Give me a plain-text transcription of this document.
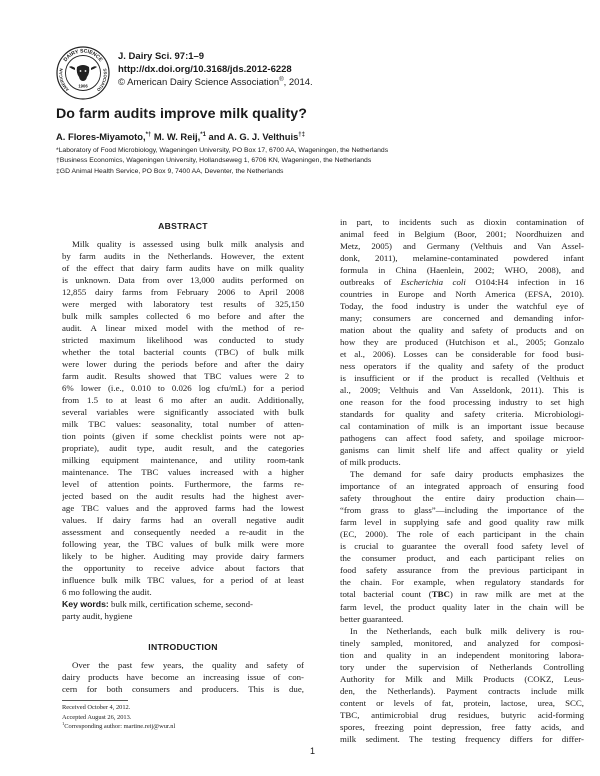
DAIRY SCIENCE
AMERICAN	SSOCIATIO
1906
J. Dairy Sci. 97:1–9
http://dx.doi.org/10.3168/jds.2012-6228
© American Dairy Science Association®, 2014.
Do farm audits improve milk quality?
A. Flores-Miyamoto,*† M. W. Reij,$^{*1}$ and A. G. J. Velthuis†‡
*Laboratory of Food Microbiology, Wageningen University, PO Box 17, 6700 AA, Wageningen, the Netherlands
†Business Economics, Wageningen University, Hollandseweg 1, 6706 KN, Wageningen, the Netherlands
‡GD Animal Health Service, PO Box 9, 7400 AA, Deventer, the Netherlands
ABSTRACT
Milk quality is assessed using bulk milk analysis and
by farm audits in the Netherlands. However, the extent
of the effect that dairy farm audits have on milk quality
is unknown. Data from over 13,000 audits performed on
12,855 dairy farms from February 2006 to April 2008
were merged with laboratory test results of 325,150
bulk milk samples collected 6 mo before and after the
audit. A linear mixed model with the method of re-
stricted maximum likelihood was conducted to study
whether the total bacterial counts (TBC) of bulk milk
were lower during the periods before and after the dairy
farm audit. Results showed that TBC values were 2 to
6% lower (i.e., 0.010 to 0.026 log cfu/mL) for a period
from 1.5 to at least 6 mo after an audit. Additionally,
several variables were significantly associated with bulk
milk TBC values: seasonality, total number of atten-
tion points (given if some checklist points were not ap-
propriate), audit type, audit result, and the categories
milking equipment maintenance, and utility room-tank
maintenance. The TBC values increased with a higher
level of attention points. Furthermore, the farms re-
jected based on the audit results had the highest aver-
age TBC values and the approved farms had the lowest
values. If dairy farms had an overall negative audit
assessment and consequently needed a re-audit in the
following year, the TBC values of bulk milk were more
likely to be higher. Auditing may provide dairy farmers
the opportunity to receive advice about factors that
influence bulk milk TBC values, for a period of at least
6 mo following the audit.
Key words: bulk milk, certification scheme, second-
party audit, hygiene
INTRODUCTION
Over the past few years, the quality and safety of
dairy products have become an increasing issue of con-
cern for both consumers and producers. This is due,
in part, to incidents such as dioxin contamination of
animal feed in Belgium (Boor, 2001; Noordhuizen and
Metz, 2005) and Germany (Velthuis and Van Assel-
donk, 2011), melamine-contaminated powdered infant
formula in China (Haenlein, 2002; WHO, 2008), and
outbreaks of Escherichia coli O104:H4 infection in 16
countries in Europe and North America (EFSA, 2010).
Today, the food industry is under the watchful eye of
many; consumers are concerned and demanding infor-
mation about the quality and safety of products and on
how they are produced (Hutchison et al., 2005; Gonzalo
et al., 2006). Losses can be considerable for food busi-
ness operators if the quality and safety of the product
is insufficient or if the product is recalled (Velthuis et
al., 2009; Velthuis and Van Asseldonk, 2011). This is
one reason for the food processing industry to set high
standards for quality and safety criteria. Microbiologi-
cal contamination of milk is an important issue because
pathogens can affect food safety, and spoilage microor-
ganisms can limit shelf life and affect quality or yield
of milk products.
The demand for safe dairy products emphasizes the
importance of an integrated approach of ensuring food
safety throughout the entire dairy production chain—
“from grass to glass”—including the importance of the
farm level in supplying safe and good quality raw milk
(EC, 2000). The role of each participant in the chain
is crucial to guarantee the overall food safety level of
the consumer product, and each participant relies on
food safety assurance from the previous participant in
the chain. For example, when regulatory standards for
total bacterial count (TBC) in raw milk are met at the
farm level, the product quality later in the chain will be
better guaranteed.
In the Netherlands, each bulk milk delivery is rou-
tinely sampled, monitored, and analyzed for composi-
tion and quality in an independent monitoring labora-
tory under the supervision of Netherlands Controlling
Authority for Milk and Milk Products (COKZ, Leus-
den, the Netherlands). Payment contracts include milk
content or levels of fat, protein, lactose, urea, SCC,
TBC, antimicrobial drug residues, butyric acid-forming
spores, freezing point depression, free fatty acids, and
milk sediment. The testing frequency differs for differ-
Received October 4, 2012.
Accepted August 26, 2013.
$^1$Corresponding author: martine.reij@wur.nl
1
